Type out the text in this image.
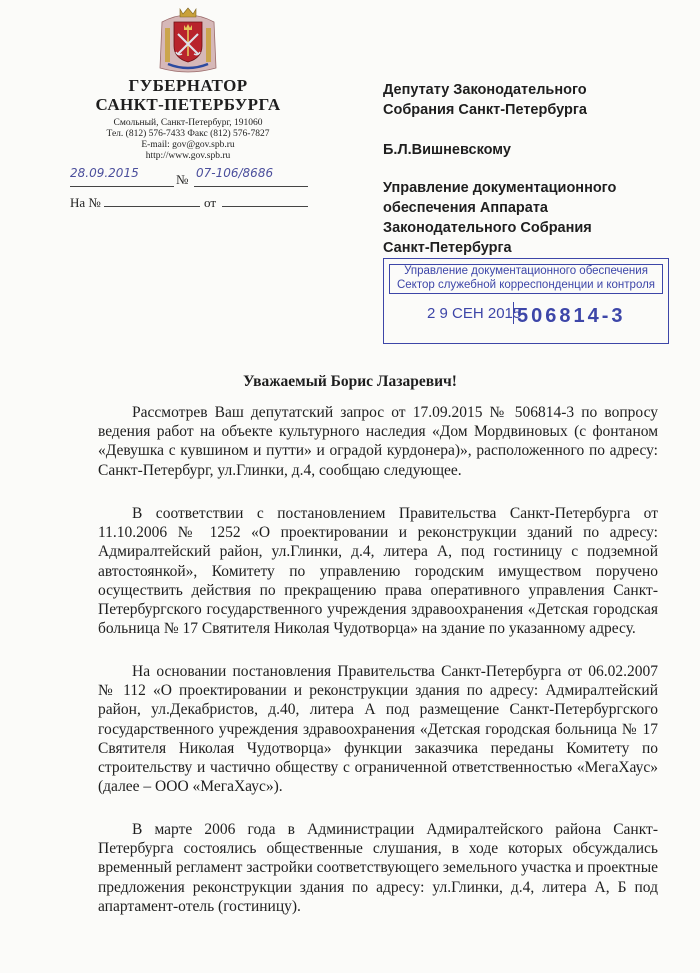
ГУБЕРНАТОР
САНКТ-ПЕТЕРБУРГА
Смольный, Санкт-Петербург, 191060
Тел. (812) 576-7433 Факс (812) 576-7827
E-mail: gov@gov.spb.ru
http://www.gov.spb.ru
28.09.2015	№ 07-106/8686
На №	от
Депутату Законодательного
Собрания Санкт-Петербурга
Б.Л.Вишневскому
Управление документационного
обеспечения Аппарата
Законодательного Собрания
Санкт-Петербурга
Управление документационного обеспечения
Сектор служебной корреспонденции и контроля
2 9 СЕН 2015
506814-3
Уважаемый Борис Лазаревич!
Рассмотрев Ваш депутатский запрос от 17.09.2015 № 506814-3 по вопросу ведения работ на объекте культурного наследия «Дом Мордвиновых (с фонтаном «Девушка с кувшином и путти» и оградой курдонера)», расположенного по адресу: Санкт-Петербург, ул.Глинки, д.4, сообщаю следующее.
В соответствии с постановлением Правительства Санкт-Петербурга от 11.10.2006 № 1252 «О проектировании и реконструкции зданий по адресу: Адмиралтейский район, ул.Глинки, д.4, литера А, под гостиницу с подземной автостоянкой», Комитету по управлению городским имуществом поручено осуществить действия по прекращению права оперативного управления Санкт-Петербургского государственного учреждения здравоохранения «Детская городская больница № 17 Святителя Николая Чудотворца» на здание по указанному адресу.
На основании постановления Правительства Санкт-Петербурга от 06.02.2007 № 112 «О проектировании и реконструкции здания по адресу: Адмиралтейский район, ул.Декабристов, д.40, литера А под размещение Санкт-Петербургского государственного учреждения здравоохранения «Детская городская больница № 17 Святителя Николая Чудотворца» функции заказчика переданы Комитету по строительству и частично обществу с ограниченной ответственностью «МегаХаус» (далее – ООО «МегаХаус»).
В марте 2006 года в Администрации Адмиралтейского района Санкт-Петербурга состоялись общественные слушания, в ходе которых обсуждались временный регламент застройки соответствующего земельного участка и проектные предложения реконструкции здания по адресу: ул.Глинки, д.4, литера А, Б под апартамент-отель (гостиницу).
